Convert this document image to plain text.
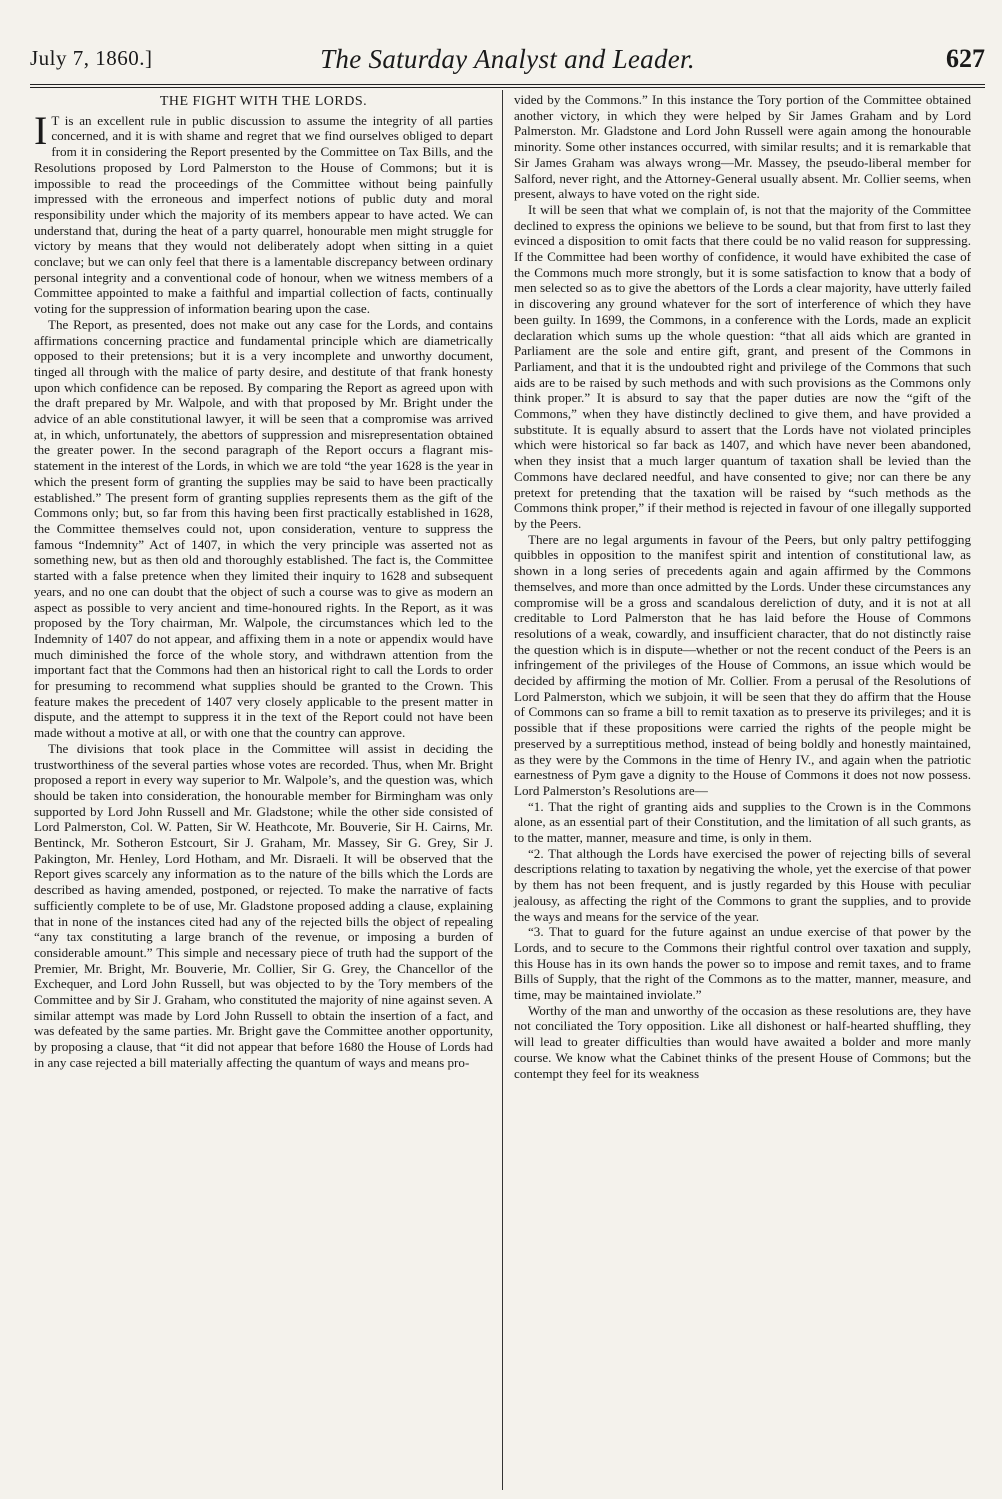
July 7, 1860.]	The Saturday Analyst and Leader.	627
THE FIGHT WITH THE LORDS.

I T is an excellent rule in public discussion to assume the integrity of all parties concerned, and it is with shame and regret that we find ourselves obliged to depart from it in considering the Report presented by the Committee on Tax Bills, and the Resolutions proposed by Lord Palmerston to the House of Commons; but it is impossible to read the proceedings of the Committee without being painfully impressed with the erroneous and imperfect notions of public duty and moral responsibility under which the majority of its members appear to have acted. We can understand that, during the heat of a party quarrel, honourable men might struggle for victory by means that they would not deliberately adopt when sitting in a quiet conclave; but we can only feel that there is a lamentable discrepancy between ordinary personal integrity and a conventional code of honour, when we witness members of a Committee appointed to make a faithful and impartial collection of facts, continually voting for the suppression of information bearing upon the case.

The Report, as presented, does not make out any case for the Lords, and contains affirmations concerning practice and fundamental principle which are diametrically opposed to their pretensions; but it is a very incomplete and unworthy document, tinged all through with the malice of party desire, and destitute of that frank honesty upon which confidence can be reposed. By comparing the Report as agreed upon with the draft prepared by Mr. Walpole, and with that proposed by Mr. Bright under the advice of an able constitutional lawyer, it will be seen that a compromise was arrived at, in which, unfortunately, the abettors of suppression and misrepresentation obtained the greater power. In the second paragraph of the Report occurs a flagrant mis-statement in the interest of the Lords, in which we are told “the year 1628 is the year in which the present form of granting the supplies may be said to have been practically established.” The present form of granting supplies represents them as the gift of the Commons only; but, so far from this having been first practically established in 1628, the Committee themselves could not, upon consideration, venture to suppress the famous “Indemnity” Act of 1407, in which the very principle was asserted not as something new, but as then old and thoroughly established. The fact is, the Committee started with a false pretence when they limited their inquiry to 1628 and subsequent years, and no one can doubt that the object of such a course was to give as modern an aspect as possible to very ancient and time-honoured rights. In the Report, as it was proposed by the Tory chairman, Mr. Walpole, the circumstances which led to the Indemnity of 1407 do not appear, and affixing them in a note or appendix would have much diminished the force of the whole story, and withdrawn attention from the important fact that the Commons had then an historical right to call the Lords to order for presuming to recommend what supplies should be granted to the Crown. This feature makes the precedent of 1407 very closely applicable to the present matter in dispute, and the attempt to suppress it in the text of the Report could not have been made without a motive at all, or with one that the country can approve.

The divisions that took place in the Committee will assist in deciding the trustworthiness of the several parties whose votes are recorded. Thus, when Mr. Bright proposed a report in every way superior to Mr. Walpole’s, and the question was, which should be taken into consideration, the honourable member for Birmingham was only supported by Lord John Russell and Mr. Gladstone; while the other side consisted of Lord Palmerston, Col. W. Patten, Sir W. Heathcote, Mr. Bouverie, Sir H. Cairns, Mr. Bentinck, Mr. Sotheron Estcourt, Sir J. Graham, Mr. Massey, Sir G. Grey, Sir J. Pakington, Mr. Henley, Lord Hotham, and Mr. Disraeli. It will be observed that the Report gives scarcely any information as to the nature of the bills which the Lords are described as having amended, postponed, or rejected. To make the narrative of facts sufficiently complete to be of use, Mr. Gladstone proposed adding a clause, explaining that in none of the instances cited had any of the rejected bills the object of repealing “any tax constituting a large branch of the revenue, or imposing a burden of considerable amount.” This simple and necessary piece of truth had the support of the Premier, Mr. Bright, Mr. Bouverie, Mr. Collier, Sir G. Grey, the Chancellor of the Exchequer, and Lord John Russell, but was objected to by the Tory members of the Committee and by Sir J. Graham, who constituted the majority of nine against seven. A similar attempt was made by Lord John Russell to obtain the insertion of a fact, and was defeated by the same parties. Mr. Bright gave the Committee another opportunity, by proposing a clause, that “it did not appear that before 1680 the House of Lords had in any case rejected a bill materially affecting the quantum of ways and means pro-

vided by the Commons.” In this instance the Tory portion of the Committee obtained another victory, in which they were helped by Sir James Graham and by Lord Palmerston. Mr. Gladstone and Lord John Russell were again among the honourable minority. Some other instances occurred, with similar results; and it is remarkable that Sir James Graham was always wrong—Mr. Massey, the pseudo-liberal member for Salford, never right, and the Attorney-General usually absent. Mr. Collier seems, when present, always to have voted on the right side.

It will be seen that what we complain of, is not that the majority of the Committee declined to express the opinions we believe to be sound, but that from first to last they evinced a disposition to omit facts that there could be no valid reason for suppressing. If the Committee had been worthy of confidence, it would have exhibited the case of the Commons much more strongly, but it is some satisfaction to know that a body of men selected so as to give the abettors of the Lords a clear majority, have utterly failed in discovering any ground whatever for the sort of interference of which they have been guilty. In 1699, the Commons, in a conference with the Lords, made an explicit declaration which sums up the whole question: “that all aids which are granted in Parliament are the sole and entire gift, grant, and present of the Commons in Parliament, and that it is the undoubted right and privilege of the Commons that such aids are to be raised by such methods and with such provisions as the Commons only think proper.” It is absurd to say that the paper duties are now the “gift of the Commons,” when they have distinctly declined to give them, and have provided a substitute. It is equally absurd to assert that the Lords have not violated principles which were historical so far back as 1407, and which have never been abandoned, when they insist that a much larger quantum of taxation shall be levied than the Commons have declared needful, and have consented to give; nor can there be any pretext for pretending that the taxation will be raised by “such methods as the Commons think proper,” if their method is rejected in favour of one illegally supported by the Peers.

There are no legal arguments in favour of the Peers, but only paltry pettifogging quibbles in opposition to the manifest spirit and intention of constitutional law, as shown in a long series of precedents again and again affirmed by the Commons themselves, and more than once admitted by the Lords. Under these circumstances any compromise will be a gross and scandalous dereliction of duty, and it is not at all creditable to Lord Palmerston that he has laid before the House of Commons resolutions of a weak, cowardly, and insufficient character, that do not distinctly raise the question which is in dispute—whether or not the recent conduct of the Peers is an infringement of the privileges of the House of Commons, an issue which would be decided by affirming the motion of Mr. Collier. From a perusal of the Resolutions of Lord Palmerston, which we subjoin, it will be seen that they do affirm that the House of Commons can so frame a bill to remit taxation as to preserve its privileges; and it is possible that if these propositions were carried the rights of the people might be preserved by a surreptitious method, instead of being boldly and honestly maintained, as they were by the Commons in the time of Henry IV., and again when the patriotic earnestness of Pym gave a dignity to the House of Commons it does not now possess. Lord Palmerston’s Resolutions are—

“1. That the right of granting aids and supplies to the Crown is in the Commons alone, as an essential part of their Constitution, and the limitation of all such grants, as to the matter, manner, measure and time, is only in them.

“2. That although the Lords have exercised the power of rejecting bills of several descriptions relating to taxation by negativing the whole, yet the exercise of that power by them has not been frequent, and is justly regarded by this House with peculiar jealousy, as affecting the right of the Commons to grant the supplies, and to provide the ways and means for the service of the year.

“3. That to guard for the future against an undue exercise of that power by the Lords, and to secure to the Commons their rightful control over taxation and supply, this House has in its own hands the power so to impose and remit taxes, and to frame Bills of Supply, that the right of the Commons as to the matter, manner, measure, and time, may be maintained inviolate.”

Worthy of the man and unworthy of the occasion as these resolutions are, they have not conciliated the Tory opposition. Like all dishonest or half-hearted shuffling, they will lead to greater difficulties than would have awaited a bolder and more manly course. We know what the Cabinet thinks of the present House of Commons; but the contempt they feel for its weakness
